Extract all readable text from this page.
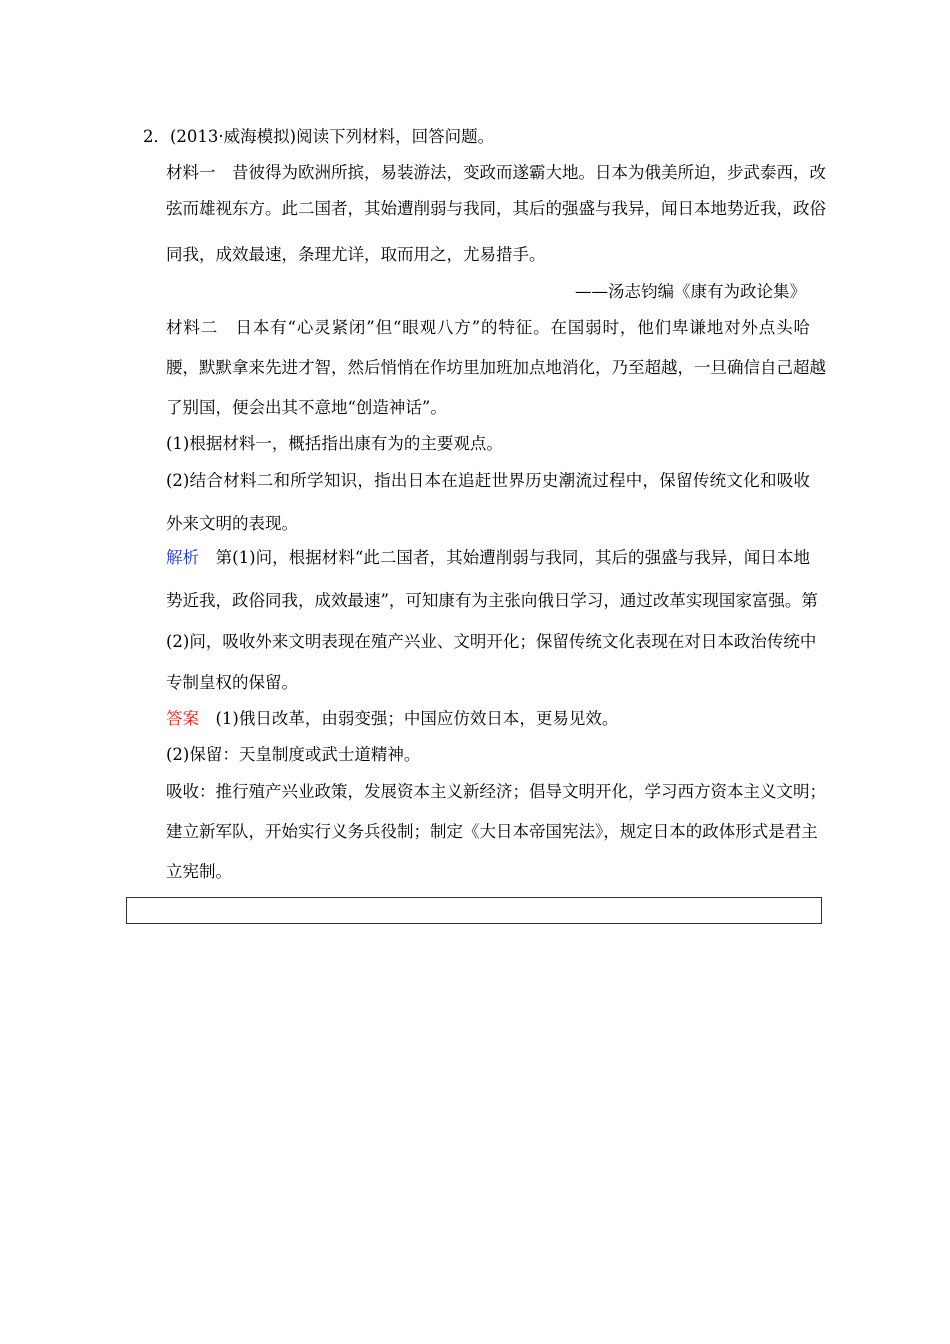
2．(2013·威海模拟)阅读下列材料，回答问题。
材料一　 昔彼得为欧洲所摈，易装游法，变政而遂霸大地。日本为俄美所迫，步武泰西，改
弦而雄视东方。此二国者，其始遭削弱与我同，其后的强盛与我异，闻日本地势近我，政俗
同我，成效最速，条理尤详，取而用之，尤易措手。
——汤志钧编《康有为政论集》
材料二　 日本有“心灵紧闭”但“眼观八方”的特征。在国弱时，他们卑谦地对外点头哈
腰，默默拿来先进才智，然后悄悄在作坊里加班加点地消化，乃至超越，一旦确信自己超越
了别国，便会出其不意地“创造神话”。
(1)根据材料一，概括指出康有为的主要观点。
(2)结合材料二和所学知识，指出日本在追赶世界历史潮流过程中，保留传统文化和吸收
外来文明的表现。
解析　 第(1)问，根据材料“此二国者，其始遭削弱与我同，其后的强盛与我异，闻日本地
势近我，政俗同我，成效最速”，可知康有为主张向俄日学习，通过改革实现国家富强。第
(2)问，吸收外来文明表现在殖产兴业、文明开化；保留传统文化表现在对日本政治传统中
专制皇权的保留。
答案　 (1)俄日改革，由弱变强；中国应仿效日本，更易见效。
(2)保留：天皇制度或武士道精神。
吸收：推行殖产兴业政策，发展资本主义新经济；倡导文明开化，学习西方资本主义文明；
建立新军队，开始实行义务兵役制；制定《大日本帝国宪法》，规定日本的政体形式是君主
立宪制。
